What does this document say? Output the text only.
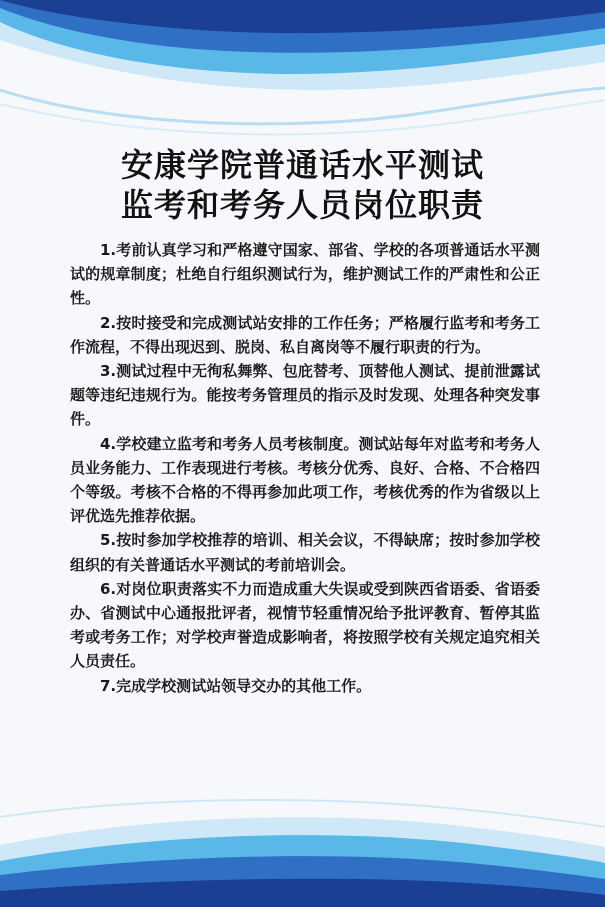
安康学院普通话水平测试
监考和考务人员岗位职责

1.考前认真学习和严格遵守国家、部省、学校的各项普通话水平测试的规章制度；杜绝自行组织测试行为，维护测试工作的严肃性和公正性。

2.按时接受和完成测试站安排的工作任务；严格履行监考和考务工作流程，不得出现迟到、脱岗、私自离岗等不履行职责的行为。

3.测试过程中无徇私舞弊、包庇替考、顶替他人测试、提前泄露试题等违纪违规行为。能按考务管理员的指示及时发现、处理各种突发事件。

4.学校建立监考和考务人员考核制度。测试站每年对监考和考务人员业务能力、工作表现进行考核。考核分优秀、良好、合格、不合格四个等级。考核不合格的不得再参加此项工作，考核优秀的作为省级以上评优选先推荐依据。

5.按时参加学校推荐的培训、相关会议，不得缺席；按时参加学校组织的有关普通话水平测试的考前培训会。

6.对岗位职责落实不力而造成重大失误或受到陕西省语委、省语委办、省测试中心通报批评者，视情节轻重情况给予批评教育、暂停其监考或考务工作；对学校声誉造成影响者，将按照学校有关规定追究相关人员责任。

7.完成学校测试站领导交办的其他工作。
